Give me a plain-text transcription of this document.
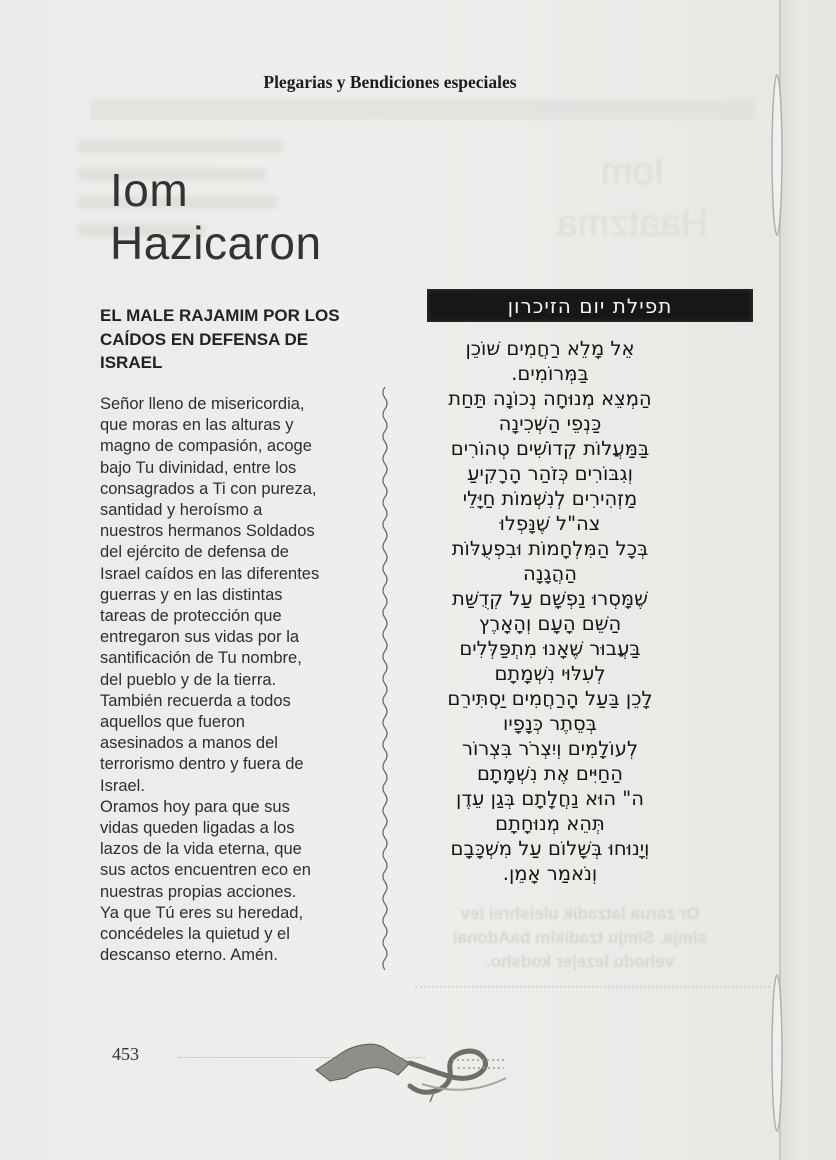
Iom
Haatzma
Or zarua latzadik uleishrei lev
simja. Simju tzadikim baAdonai
vehodu lezejer kodsho.
Plegarias y Bendiciones especiales
Iom
Hazicaron
EL MALE RAJAMIM POR LOS
CAÍDOS EN DEFENSA DE
ISRAEL
Señor lleno de misericordia,
que moras en las alturas y
magno de compasión, acoge
bajo Tu divinidad, entre los
consagrados a Ti con pureza,
santidad y heroísmo a
nuestros hermanos Soldados
del ejército de defensa de
Israel caídos en las diferentes
guerras y en las distintas
tareas de protección que
entregaron sus vidas por la
santificación de Tu nombre,
del pueblo y de la tierra.
También recuerda a todos
aquellos que fueron
asesinados a manos del
terrorismo dentro y fuera de
Israel.
Oramos hoy para que sus
vidas queden ligadas a los
lazos de la vida eterna, que
sus actos encuentren eco en
nuestras propias acciones.
Ya que Tú eres su heredad,
concédeles la quietud y el
descanso eterno. Amén.
תפילת יום הזיכרון
אֵל מָלֵא רַחֲמִים שׁוֹכֵן
בַּמְּרוֹמִים.
הַמְצֵא מְנוּחָה נְכוֹנָה תַּחַת
כַּנְפֵי הַשְּׁכִינָה
בַּמַּעֲלוֹת קְדוֹשִׁים טְהוֹרִים
וְגִבּוֹרִים כְּזֹהַר הָרָקִיעַ
מַזְהִירִים לְנִשְׁמוֹת חַיָּלֵי
צה"ל שֶׁנָּפְלוּ
בְּכָל הַמִּלְחָמוֹת וּבִפְעֻלּוֹת
הַהֲגָנָה
שֶׁמָּסְרוּ נַפְשָׁם עַל קְדֻשַּׁת
הַשֵּׁם הָעָם וְהָאָרֶץ
בַּעֲבוּר שֶׁאָנוּ מִתְפַּלְּלִים
לְעִלּוּי נִשְׁמָתָם
לָכֵן בַּעַל הָרַחֲמִים יַסְתִּירֵם
בְּסֵתֶר כְּנָפָיו
לְעוֹלָמִים וְיִצְרֹר בִּצְרוֹר
הַחַיִּים אֶת נִשְׁמָתָם
ה" הוּא נַחֲלָתָם בְּגַן עֵדֶן
תְּהֵא מְנוּחָתָם
וְיָנוּחוּ בְּשָׁלוֹם עַל מִשְׁכָּבָם
וְנֹאמַר אָמֵן.
453
